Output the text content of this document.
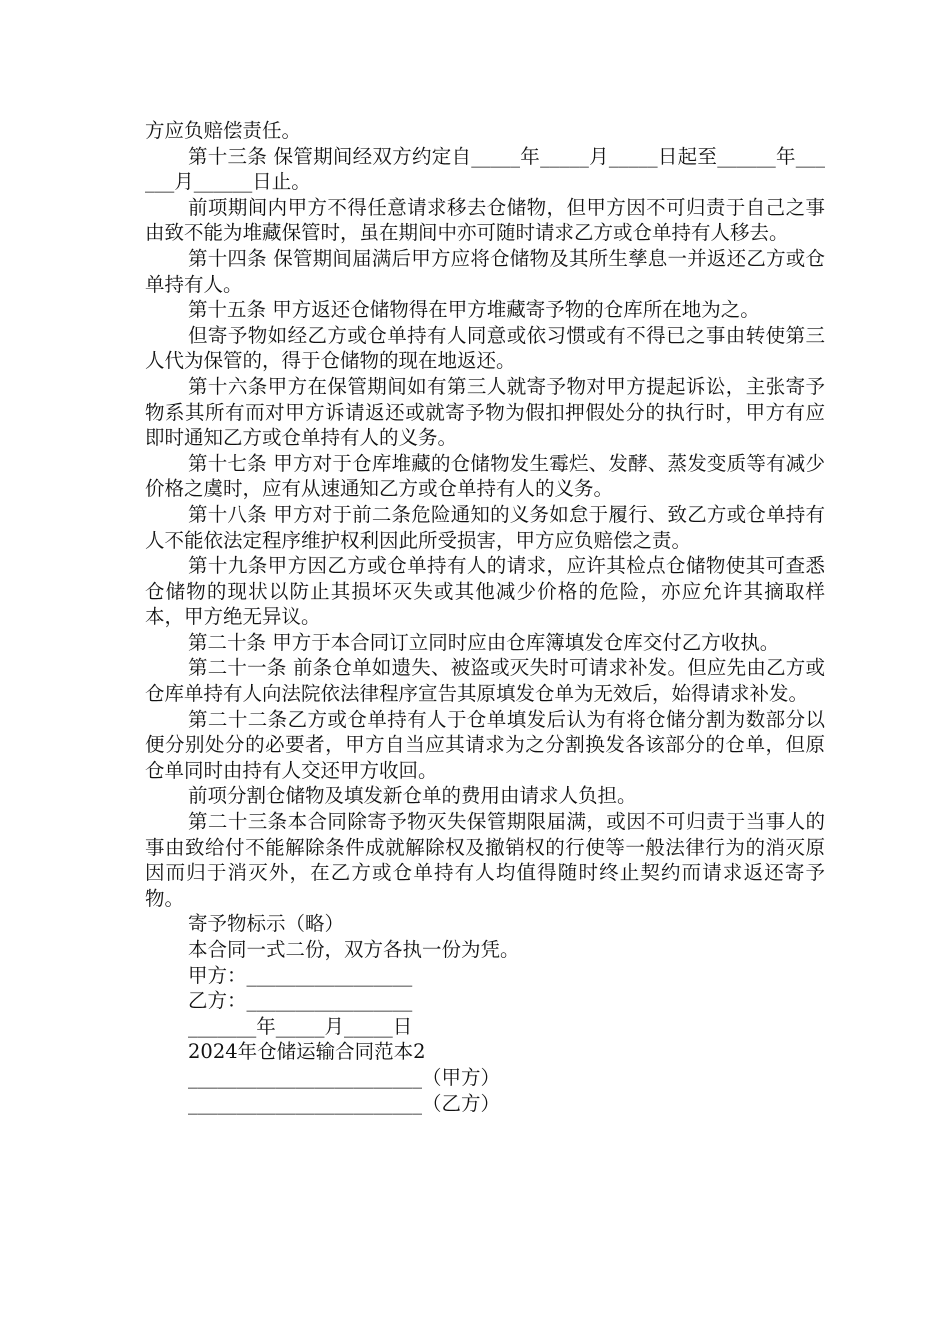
方应负赔偿责任。

第十三条 保管期间经双方约定自_____年_____月_____日起至______年______月______日止。

前项期间内甲方不得任意请求移去仓储物，但甲方因不可归责于自己之事由致不能为堆藏保管时，虽在期间中亦可随时请求乙方或仓单持有人移去。

第十四条 保管期间届满后甲方应将仓储物及其所生孳息一并返还乙方或仓单持有人。

第十五条 甲方返还仓储物得在甲方堆藏寄予物的仓库所在地为之。

但寄予物如经乙方或仓单持有人同意或依习惯或有不得已之事由转使第三人代为保管的，得于仓储物的现在地返还。

第十六条甲方在保管期间如有第三人就寄予物对甲方提起诉讼，主张寄予物系其所有而对甲方诉请返还或就寄予物为假扣押假处分的执行时，甲方有应即时通知乙方或仓单持有人的义务。

第十七条 甲方对于仓库堆藏的仓储物发生霉烂、发酵、蒸发变质等有减少价格之虞时，应有从速通知乙方或仓单持有人的义务。

第十八条 甲方对于前二条危险通知的义务如怠于履行、致乙方或仓单持有人不能依法定程序维护权利因此所受损害，甲方应负赔偿之责。

第十九条甲方因乙方或仓单持有人的请求，应许其检点仓储物使其可查悉仓储物的现状以防止其损坏灭失或其他减少价格的危险，亦应允许其摘取样本，甲方绝无异议。

第二十条 甲方于本合同订立同时应由仓库簿填发仓库交付乙方收执。

第二十一条 前条仓单如遗失、被盗或灭失时可请求补发。但应先由乙方或仓库单持有人向法院依法律程序宣告其原填发仓单为无效后，始得请求补发。

第二十二条乙方或仓单持有人于仓单填发后认为有将仓储分割为数部分以便分别处分的必要者，甲方自当应其请求为之分割换发各该部分的仓单，但原仓单同时由持有人交还甲方收回。

前项分割仓储物及填发新仓单的费用由请求人负担。

第二十三条本合同除寄予物灭失保管期限届满，或因不可归责于当事人的事由致给付不能解除条件成就解除权及撤销权的行使等一般法律行为的消灭原因而归于消灭外，在乙方或仓单持有人均值得随时终止契约而请求返还寄予物。

寄予物标示（略）

本合同一式二份，双方各执一份为凭。

甲方：_________________

乙方：_________________

_______年_____月_____日

2024年仓储运输合同范本2

________________________（甲方）

________________________（乙方）
